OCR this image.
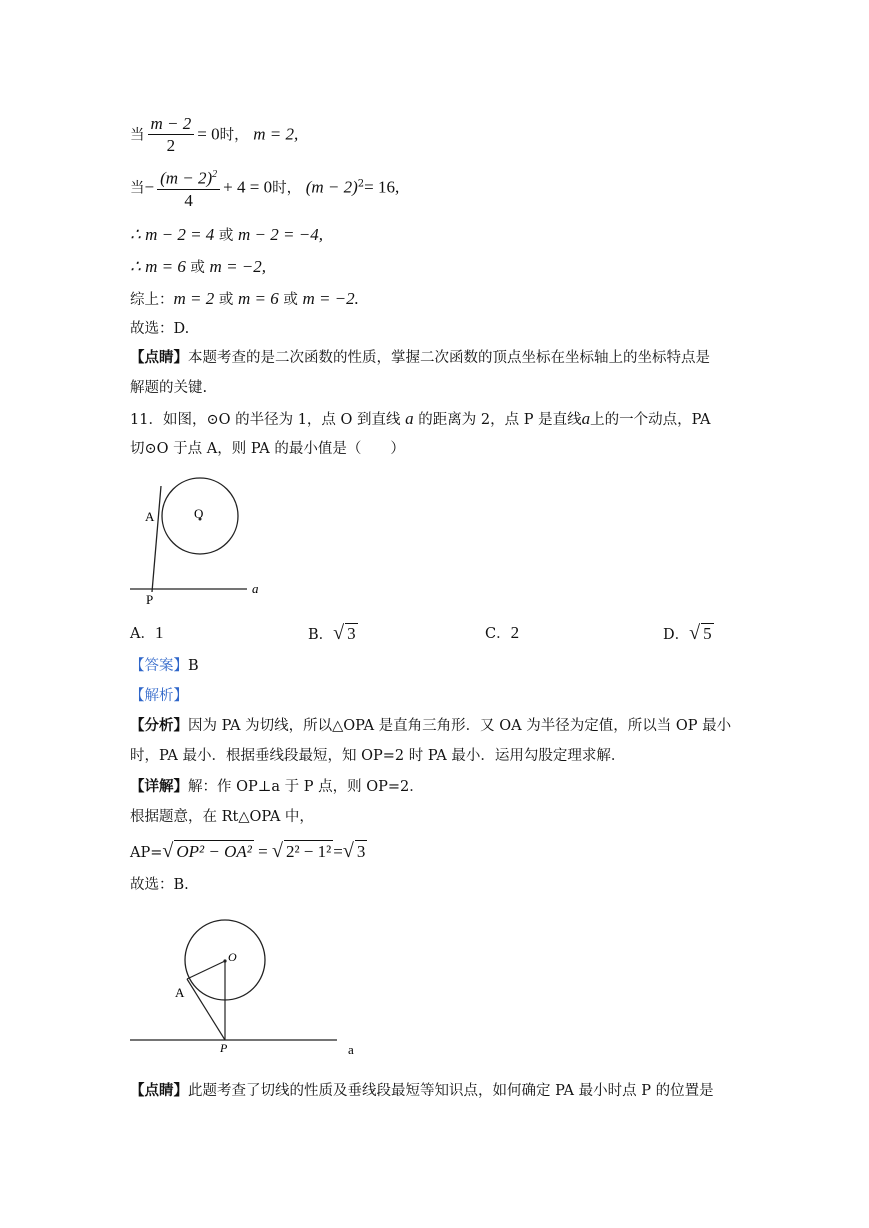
当 $\frac{m - 2}{2} = 0$时， m = 2,
当− $\frac{(m - 2)^2}{4} + 4 = 0$时， $(m - 2)^2= 16$,
∴ m − 2 = 4 或 m − 2 = −4,
∴ m = 6 或 m = −2,
综上：m = 2 或 m = 6 或 m = −2.
故选：D.
【点睛】本题考查的是二次函数的性质，掌握二次函数的顶点坐标在坐标轴上的坐标特点是
解题的关键.
11．如图，⊙O 的半径为 1，点 O 到直线 a 的距离为 2，点 P 是直线a上的一个动点，PA
切⊙O 于点 A，则 PA 的最小值是（　　）
A	O
P
a
A．1	B．√ 3	C．2	D．√ 5
【答案】B
【解析】
【分析】因为 PA 为切线，所以△OPA 是直角三角形．又 OA 为半径为定值，所以当 OP 最小
时，PA 最小．根据垂线段最短，知 OP=2 时 PA 最小．运用勾股定理求解．
【详解】解：作 OP⊥a 于 P 点，则 OP=2．
根据题意，在 Rt△OPA 中，
AP=√ OP² − OA² = √ 2² − 1² =√ 3
故选：B.
O
A
P	a
【点睛】此题考查了切线的性质及垂线段最短等知识点，如何确定 PA 最小时点 P 的位置是
